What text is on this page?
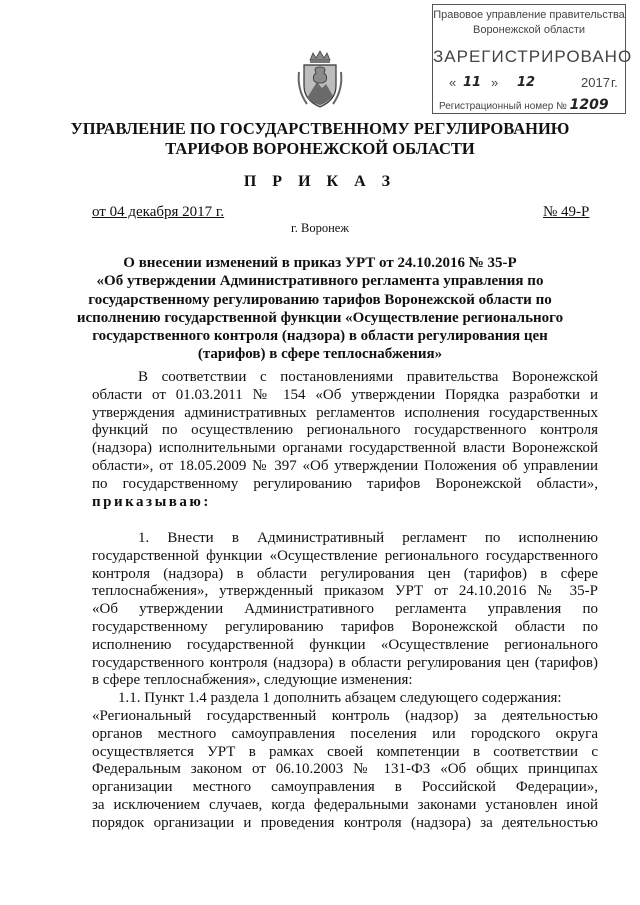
Правовое управление правительства
Воронежской области
ЗАРЕГИСТРИРОВАНО
« 11 » 12	2017 г.
Регистрационный номер № 1209
УПРАВЛЕНИЕ ПО ГОСУДАРСТВЕННОМУ РЕГУЛИРОВАНИЮ
ТАРИФОВ ВОРОНЕЖСКОЙ ОБЛАСТИ
П Р И К А З
от 04 декабря 2017 г.	№ 49-Р
г. Воронеж
О внесении изменений в приказ УРТ от 24.10.2016 № 35-Р
«Об утверждении Административного регламента управления по
государственному регулированию тарифов Воронежской области по
исполнению государственной функции «Осуществление регионального
государственного контроля (надзора) в области регулирования цен
(тарифов) в сфере теплоснабжения»
В соответствии с постановлениями правительства Воронежской
области от 01.03.2011 № 154 «Об утверждении Порядка разработки и
утверждения административных регламентов исполнения государственных
функций по осуществлению регионального государственного контроля
(надзора) исполнительными органами государственной власти Воронежской
области», от 18.05.2009 № 397 «Об утверждении Положения об управлении
по государственному регулированию тарифов Воронежской области»,
приказываю:
1. Внести в Административный регламент по исполнению
государственной функции «Осуществление регионального государственного
контроля (надзора) в области регулирования цен (тарифов) в сфере
теплоснабжения», утвержденный приказом УРТ от 24.10.2016 № 35-Р
«Об утверждении Административного регламента управления по
государственному регулированию тарифов Воронежской области по
исполнению государственной функции «Осуществление регионального
государственного контроля (надзора) в области регулирования цен (тарифов)
в сфере теплоснабжения», следующие изменения:
1.1. Пункт 1.4 раздела 1 дополнить абзацем следующего содержания:
«Региональный государственный контроль (надзор) за деятельностью
органов местного самоуправления поселения или городского округа
осуществляется УРТ в рамках своей компетенции в соответствии с
Федеральным законом от 06.10.2003 № 131-ФЗ «Об общих принципах
организации местного самоуправления в Российской Федерации»,
за исключением случаев, когда федеральными законами установлен иной
порядок организации и проведения контроля (надзора) за деятельностью
